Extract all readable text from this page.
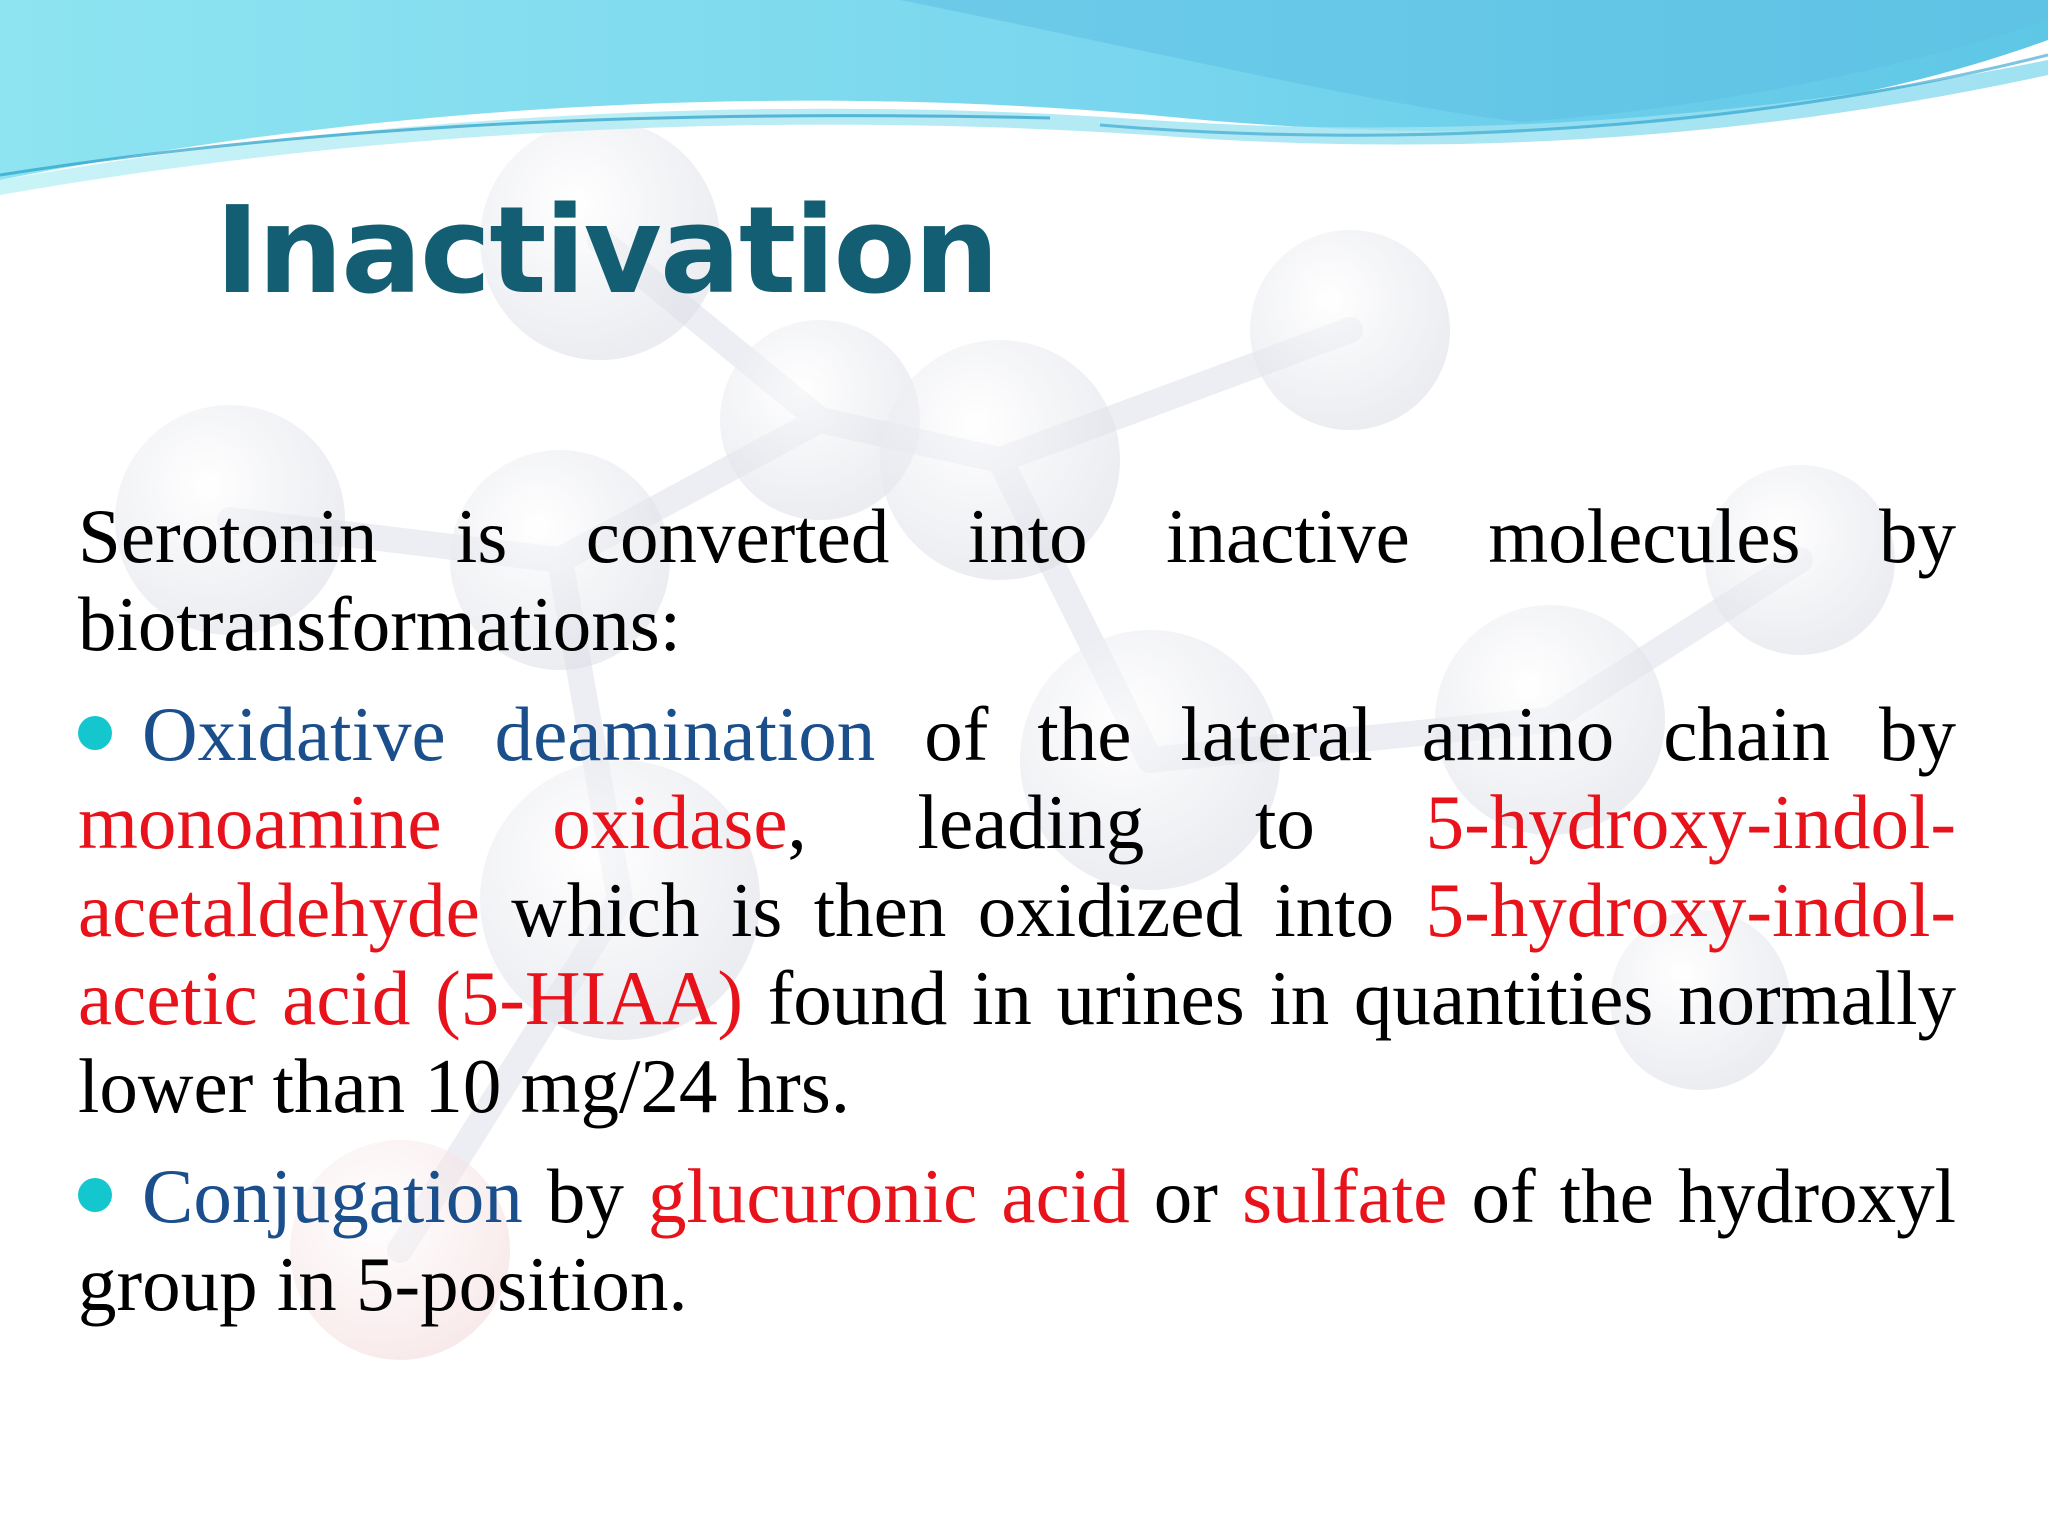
Inactivation

Serotonin is converted into inactive molecules by biotransformations:

Oxidative deamination of the lateral amino chain by monoamine oxidase, leading to 5-hydroxy-indol-acetaldehyde which is then oxidized into 5-hydroxy-indol-acetic acid (5-HIAA) found in urines in quantities normally lower than 10 mg/24 hrs.

Conjugation by glucuronic acid or sulfate of the hydroxyl group in 5-position.
